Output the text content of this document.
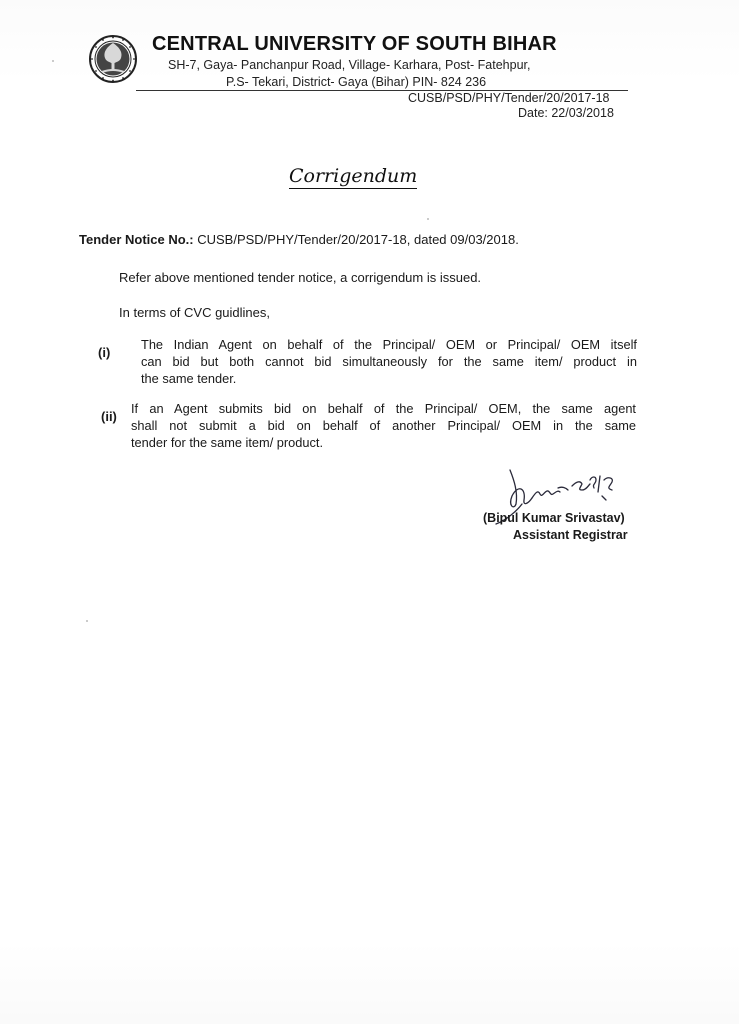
CENTRAL UNIVERSITY OF SOUTH BIHAR
SH-7, Gaya- Panchanpur Road, Village- Karhara, Post- Fatehpur,
P.S- Tekari, District- Gaya (Bihar) PIN- 824 236
CUSB/PSD/PHY/Tender/20/2017-18
Date: 22/03/2018
Corrigendum
Tender Notice No.: CUSB/PSD/PHY/Tender/20/2017-18, dated 09/03/2018.
Refer above mentioned tender notice, a corrigendum is issued.
In terms of CVC guidlines,
(i)
The Indian Agent on behalf of the Principal/ OEM or Principal/ OEM itself
can bid but both cannot bid simultaneously for the same item/ product in
the same tender.
(ii)
If an Agent submits bid on behalf of the Principal/ OEM, the same agent
shall not submit a bid on behalf of another Principal/ OEM in the same
tender for the same item/ product.
(Bipul Kumar Srivastav)
Assistant Registrar
